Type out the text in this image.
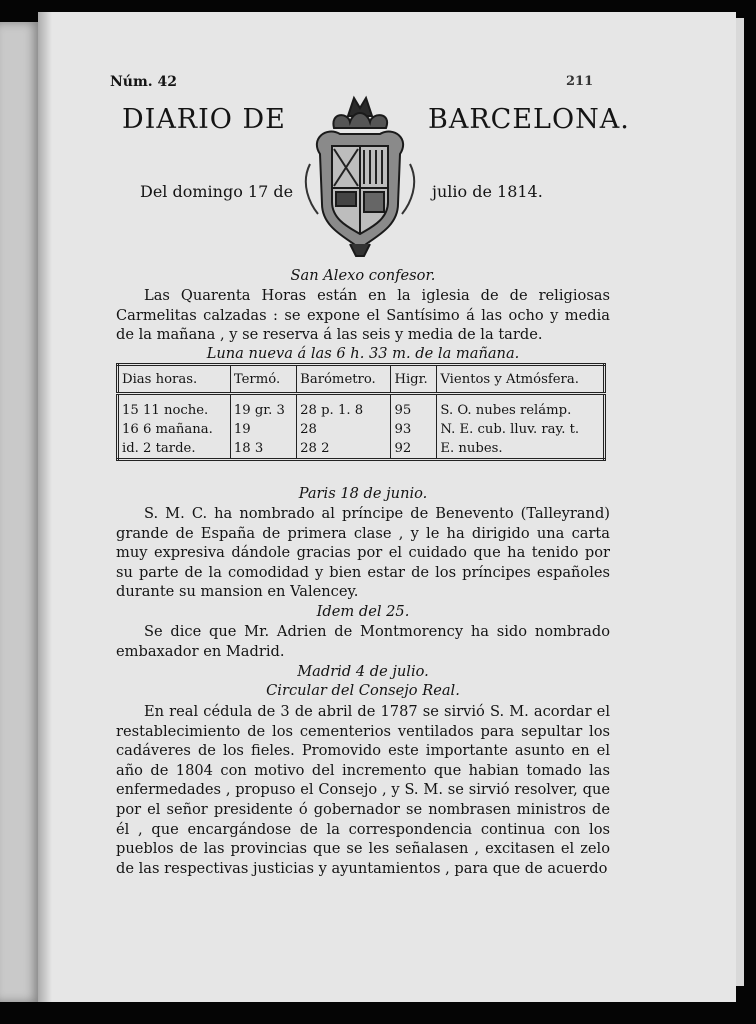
Núm. 42	211
DIARIO DE	BARCELONA.
Del domingo 17 de	julio de 1814.
San Alexo confesor.
Las Quarenta Horas están en la iglesia de de religiosas Carmelitas calzadas : se expone el Santísimo á las ocho y media de la mañana , y se reserva á las seis y media de la tarde.
Luna nueva á las 6 h. 33 m. de la mañana.
Dias horas.	Termó.	Barómetro.	Higr.	Vientos y Atmósfera.
15 11 noche.	19 gr. 3	28 p. 1. 8	95	S. O. nubes relámp.
16 6 mañana.	19	28	93	N. E. cub. lluv. ray. t.
id. 2 tarde.	18 3	28 2	92	E. nubes.
Paris 18 de junio.
S. M. C. ha nombrado al príncipe de Benevento (Talleyrand) grande de España de primera clase , y le ha dirigido una carta muy expresiva dándole gracias por el cuidado que ha tenido por su parte de la comodidad y bien estar de los príncipes españoles durante su mansion en Valencey.
Idem del 25.
Se dice que Mr. Adrien de Montmorency ha sido nombrado embaxador en Madrid.
Madrid 4 de julio.
Circular del Consejo Real.
En real cédula de 3 de abril de 1787 se sirvió S. M. acordar el restablecimiento de los cementerios ventilados para sepultar los cadáveres de los fieles. Promovido este importante asunto en el año de 1804 con motivo del incremento que habian tomado las enfermedades , propuso el Consejo , y S. M. se sirvió resolver, que por el señor presidente ó gobernador se nombrasen ministros de él , que encargándose de la correspondencia continua con los pueblos de las provincias que se les señalasen , excitasen el zelo de las respectivas justicias y ayuntamientos , para que de acuerdo
